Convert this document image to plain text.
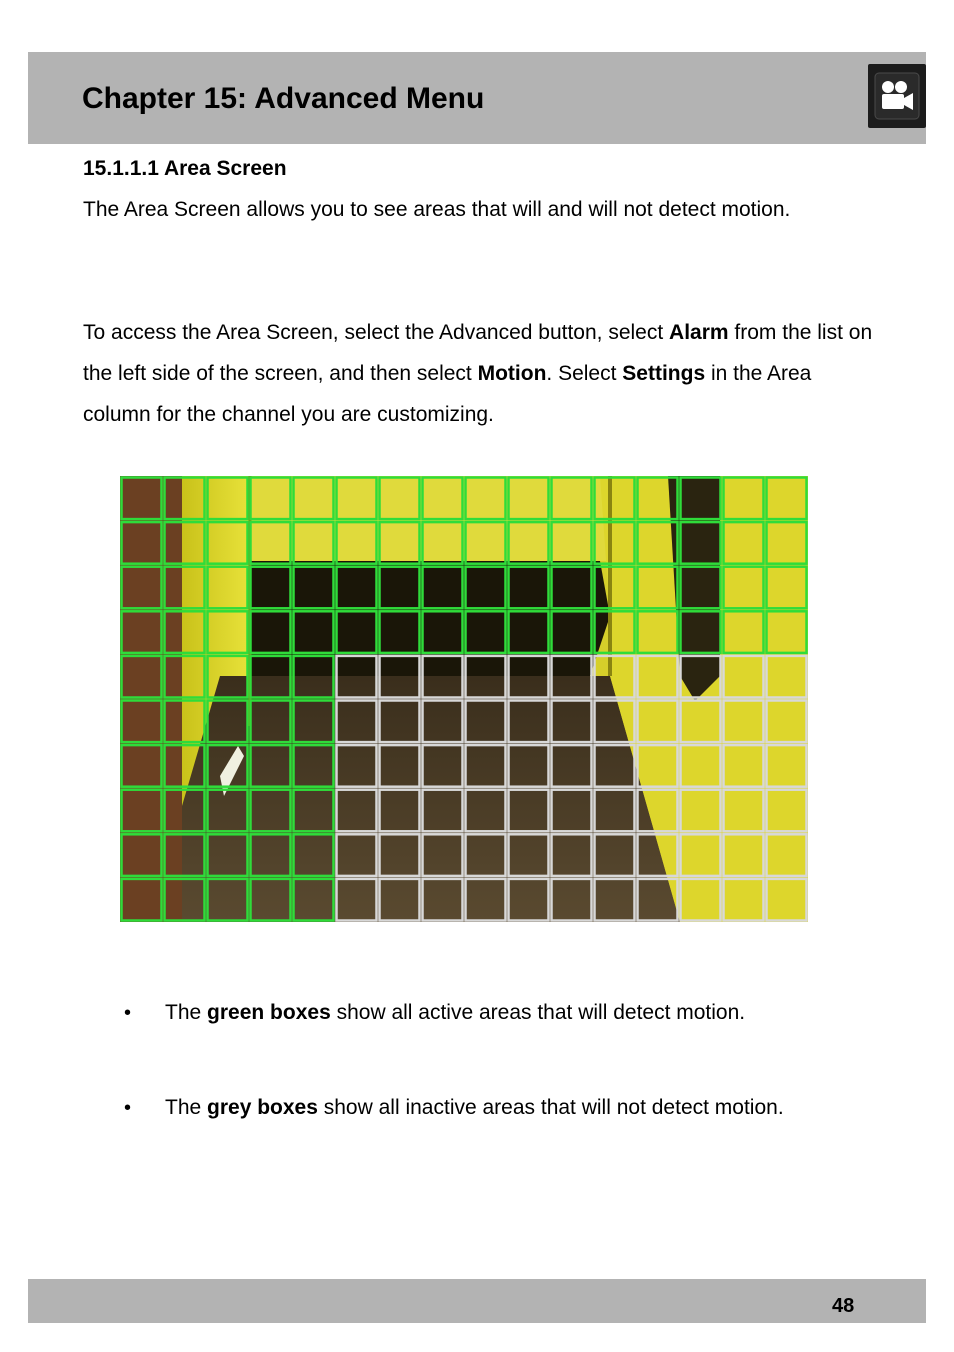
Chapter 15: Advanced Menu
15.1.1.1 Area Screen
The Area Screen allows you to see areas that will and will not detect motion.
To access the Area Screen, select the Advanced button, select Alarm from the list on the left side of the screen, and then select Motion. Select Settings in the Area column for the channel you are customizing.
• The green boxes show all active areas that will detect motion.
• The grey boxes show all inactive areas that will not detect motion.
48
